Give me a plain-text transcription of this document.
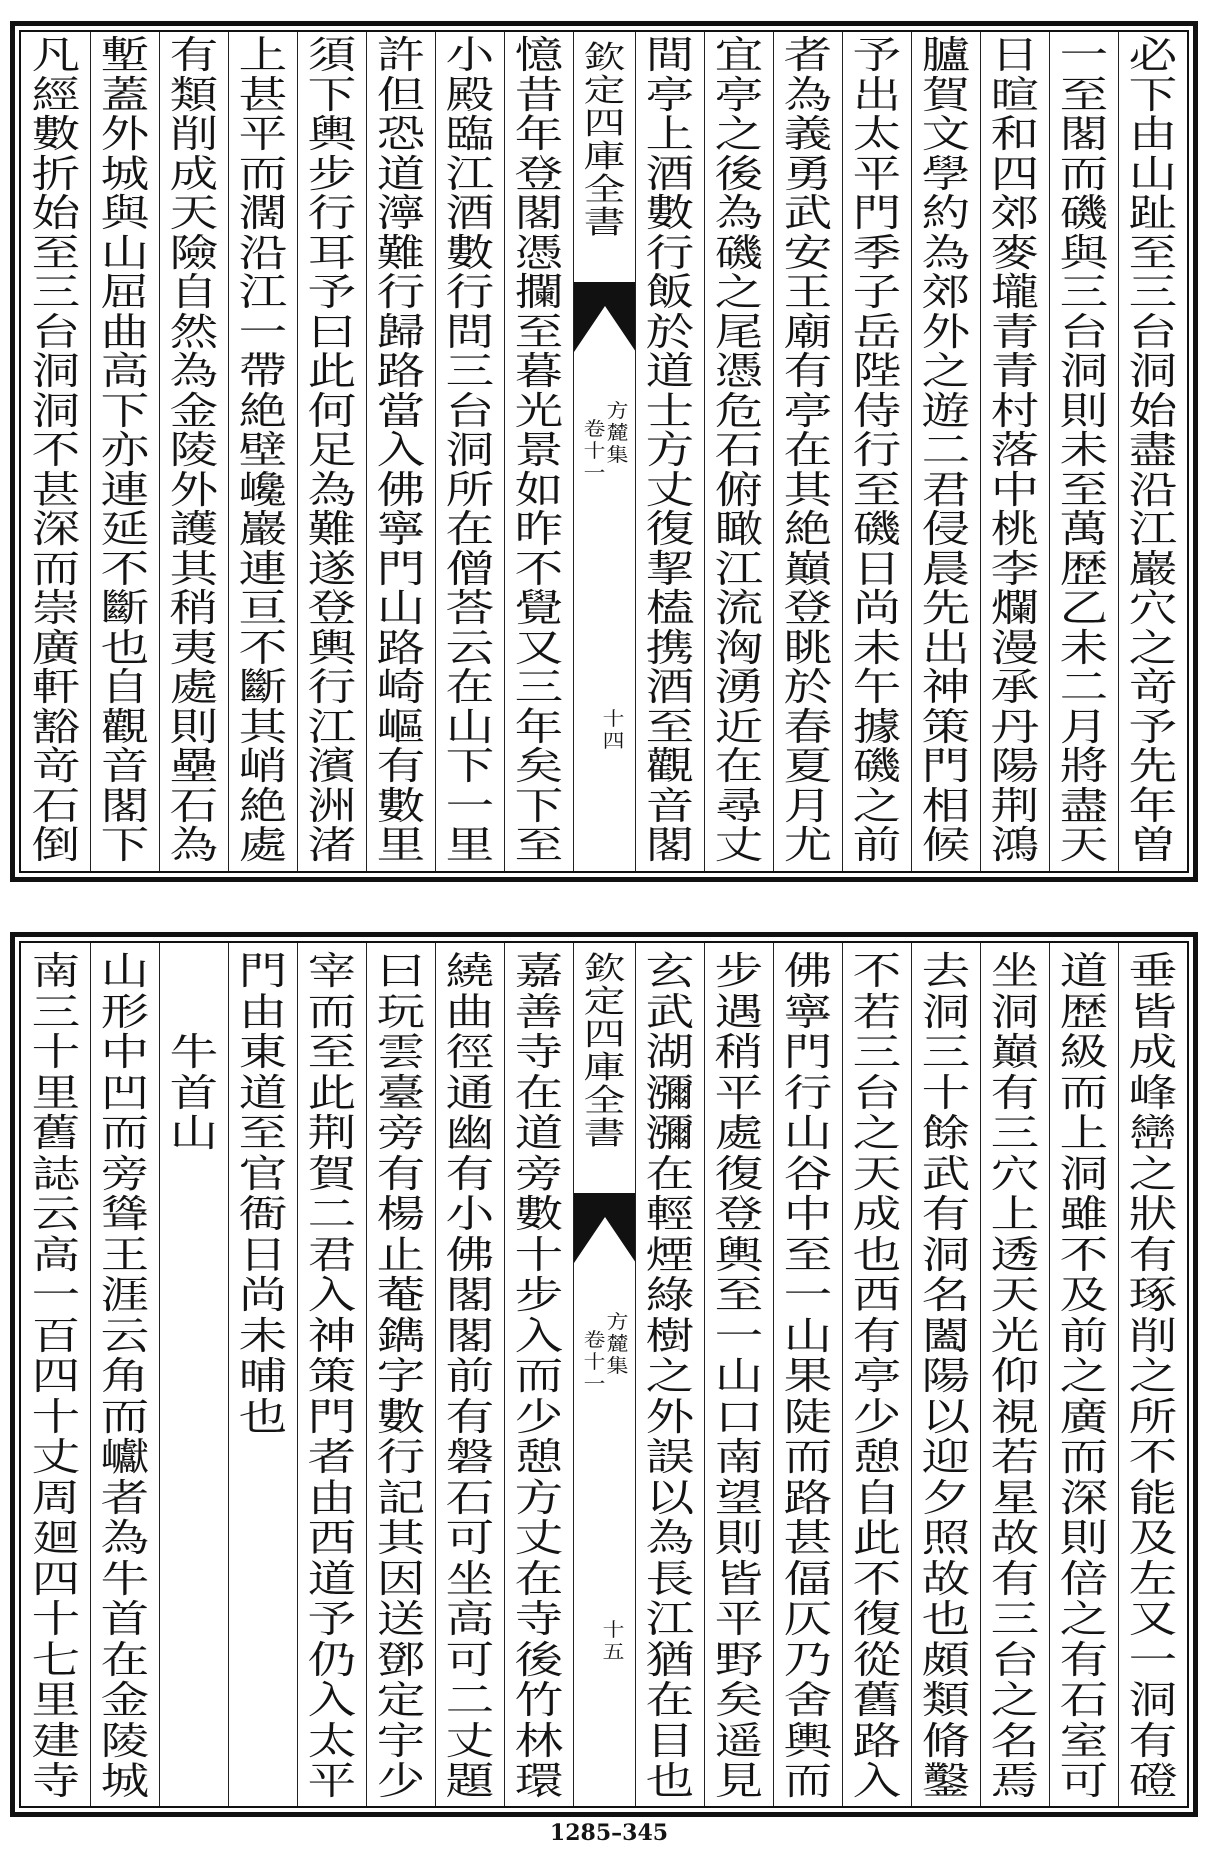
必下由山趾至三台洞始盡沿江巖穴之竒予先年曽
一至閣而磯與三台洞則未至萬歴乙未二月將盡天
日暄和四郊麥壠青青村落中桃李爛漫承丹陽荆鴻
臚賀文學約為郊外之遊二君侵晨先出神策門相候
予出太平門季子岳陛侍行至磯日尚未午據磯之前
者為義勇武安王廟有亭在其絶巔登眺於春夏月尤
宜亭之後為磯之尾憑危石俯瞰江流洶湧近在尋丈
間亭上酒數行飯於道士方丈復挈榼携酒至觀音閣
欽定四庫全書
方麓集
卷十一
十四
憶昔年登閣憑攔至暮光景如昨不覺又三年矣下至
小殿臨江酒數行問三台洞所在僧荅云在山下一里
許但恐道濘難行歸路當入佛寧門山路崎嶇有數里
須下輿步行耳予曰此何足為難遂登輿行江濱洲渚
上甚平而濶沿江一帶絶壁巉巖連亘不斷其峭絶處
有類削成天險自然為金陵外護其稍夷處則壘石為
塹蓋外城與山屈曲高下亦連延不斷也自觀音閣下
凡經數折始至三台洞洞不甚深而崇廣軒豁竒石倒
垂皆成峰巒之狀有琢削之所不能及左又一洞有磴
道歴級而上洞雖不及前之廣而深則倍之有石室可
坐洞巔有三穴上透天光仰視若星故有三台之名焉
去洞三十餘武有洞名闔陽以迎夕照故也頗類脩鑿
不若三台之天成也西有亭少憩自此不復從舊路入
佛寧門行山谷中至一山果陡而路甚偪仄乃舍輿而
步遇稍平處復登輿至一山口南望則皆平野矣遥見
玄武湖瀰瀰在輕煙綠樹之外誤以為長江猶在目也
欽定四庫全書
方麓集
卷十一
十五
嘉善寺在道旁數十步入而少憩方丈在寺後竹林環
繞曲徑通幽有小佛閣閣前有磐石可坐高可二丈題
曰玩雲臺旁有楊止菴鐫字數行記其因送鄧定宇少
宰而至此荆賀二君入神策門者由西道予仍入太平
門由東道至官衙日尚未晡也
牛首山
山形中凹而旁聳王涯云角而巘者為牛首在金陵城
南三十里舊誌云高一百四十丈周廻四十七里建寺
1285–345
